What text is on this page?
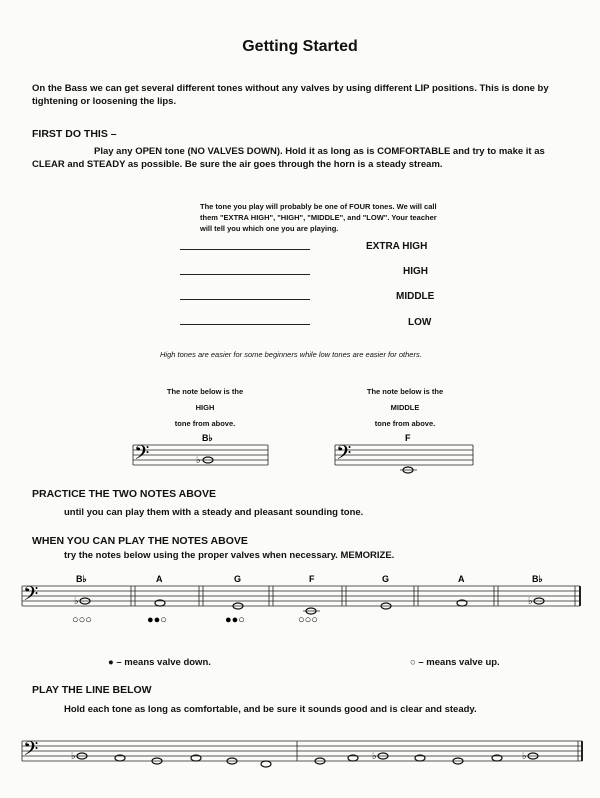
Getting Started
On the Bass we can get several different tones without any valves by using different LIP positions. This is done by tightening or loosening the lips.
FIRST DO THIS –
Play any OPEN tone (NO VALVES DOWN). Hold it as long as is COMFORTABLE and try to make it as CLEAR and STEADY as possible. Be sure the air goes through the horn is a steady stream.
The tone you play will probably be one of FOUR tones. We will call them "EXTRA HIGH", "HIGH", "MIDDLE", and "LOW". Your teacher will tell you which one you are playing.
EXTRA HIGH
HIGH
MIDDLE
LOW
High tones are easier for some beginners while low tones are easier for others.
The note below is the
HIGH
tone from above.
The note below is the
MIDDLE
tone from above.
𝄢	♭
B♭
𝄢
F
𝄢
B♭
♭
○○○
A
●●○
G
●●○
F
○○○
G	A	B♭
♭
𝄢	♭	♭	♭
PRACTICE THE TWO NOTES ABOVE
until you can play them with a steady and pleasant sounding tone.
WHEN YOU CAN PLAY THE NOTES ABOVE
try the notes below using the proper valves when necessary. MEMORIZE.
● – means valve down.	○ – means valve up.
PLAY THE LINE BELOW
Hold each tone as long as comfortable, and be sure it sounds good and is clear and steady.
